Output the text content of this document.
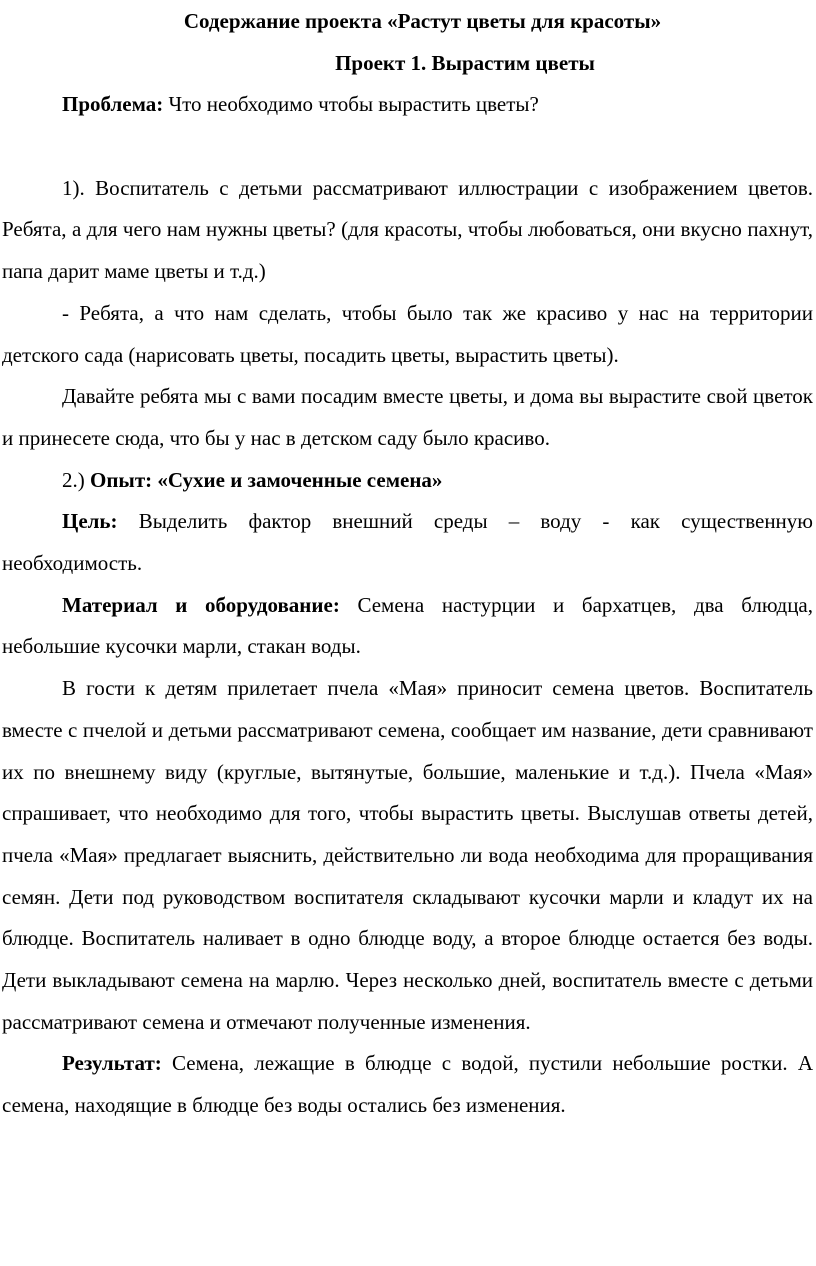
Содержание проекта «Растут цветы для красоты»
Проект 1. Вырастим цветы

Проблема: Что необходимо чтобы вырастить цветы?

1). Воспитатель с детьми рассматривают иллюстрации с изображением цветов. Ребята, а для чего нам нужны цветы? (для красоты, чтобы любоваться, они вкусно пахнут, папа дарит маме цветы и т.д.)

- Ребята, а что нам сделать, чтобы было так же красиво у нас на территории детского сада (нарисовать цветы, посадить цветы, вырастить цветы).

Давайте ребята мы с вами посадим вместе цветы, и дома вы вырастите свой цветок и принесете сюда, что бы у нас в детском саду было красиво.

2.) Опыт: «Сухие и замоченные семена»

Цель: Выделить фактор внешний среды – воду - как существенную необходимость.

Материал и оборудование: Семена настурции и бархатцев, два блюдца, небольшие кусочки марли, стакан воды.

В гости к детям прилетает пчела «Мая» приносит семена цветов. Воспитатель вместе с пчелой и детьми рассматривают семена, сообщает им название, дети сравнивают их по внешнему виду (круглые, вытянутые, большие, маленькие и т.д.). Пчела «Мая» спрашивает, что необходимо для того, чтобы вырастить цветы. Выслушав ответы детей, пчела «Мая» предлагает выяснить, действительно ли вода необходима для проращивания семян. Дети под руководством воспитателя складывают кусочки марли и кладут их на блюдце. Воспитатель наливает в одно блюдце воду, а второе блюдце остается без воды. Дети выкладывают семена на марлю. Через несколько дней, воспитатель вместе с детьми рассматривают семена и отмечают полученные изменения.

Результат: Семена, лежащие в блюдце с водой, пустили небольшие ростки. А семена, находящие в блюдце без воды остались без изменения.
